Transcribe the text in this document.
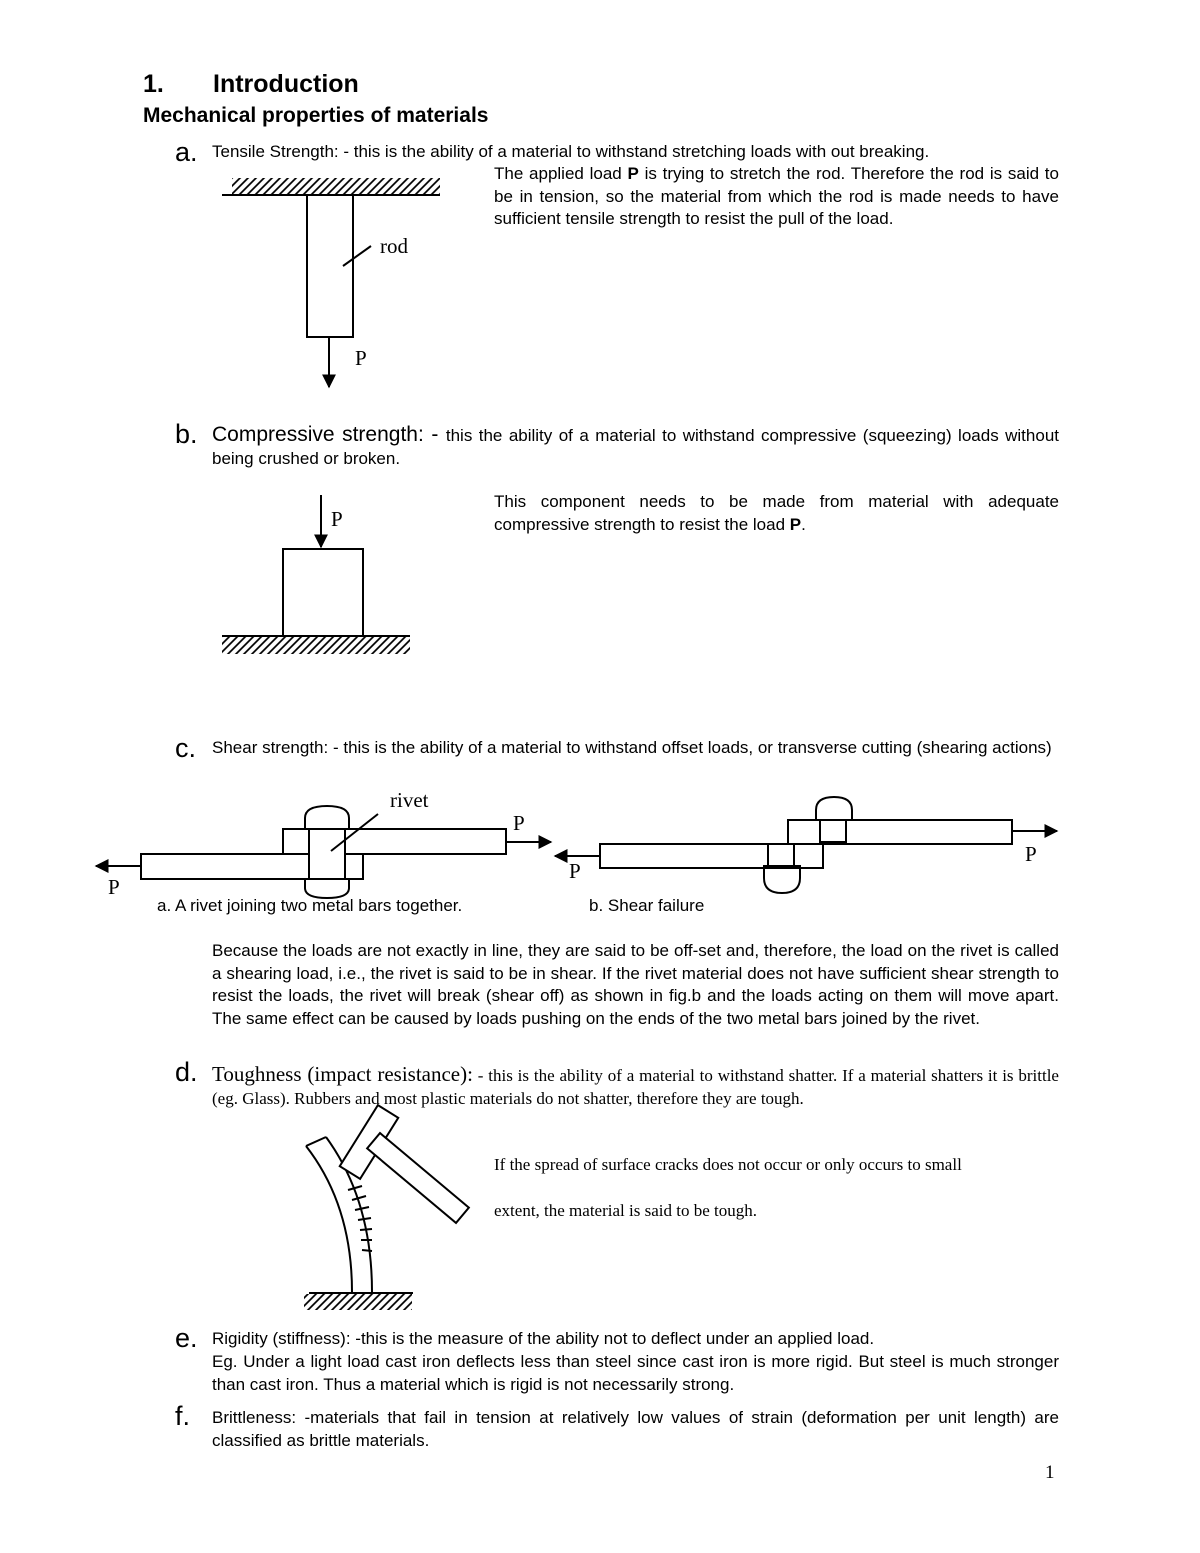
1. Introduction
Mechanical properties of materials
a. Tensile Strength: - this is the ability of a material to withstand stretching loads with out breaking.
The applied load P is trying to stretch the rod. Therefore the rod is said to be in tension, so the material from which the rod is made needs to have sufficient tensile strength to resist the pull of the load.
rod
P
b. Compressive strength: - this the ability of a material to withstand compressive (squeezing) loads without being crushed or broken.
This component needs to be made from material with adequate compressive strength to resist the load P.
P
c. Shear strength: - this is the ability of a material to withstand offset loads, or transverse cutting (shearing actions)
rivet
P
P
a. A rivet joining two metal bars together.
P
P
b. Shear failure
Because the loads are not exactly in line, they are said to be off-set and, therefore, the load on the rivet is called a shearing load, i.e., the rivet is said to be in shear. If the rivet material does not have sufficient shear strength to resist the loads, the rivet will break (shear off) as shown in fig.b and the loads acting on them will move apart. The same effect can be caused by loads pushing on the ends of the two metal bars joined by the rivet.
d. Toughness (impact resistance): - this is the ability of a material to withstand shatter. If a material shatters it is brittle (eg. Glass). Rubbers and most plastic materials do not shatter, therefore they are tough.
If the spread of surface cracks does not occur or only occurs to small
extent, the material is said to be tough.
e. Rigidity (stiffness): -this is the measure of the ability not to deflect under an applied load.
Eg. Under a light load cast iron deflects less than steel since cast iron is more rigid. But steel is much stronger than cast iron. Thus a material which is rigid is not necessarily strong.
f. Brittleness: -materials that fail in tension at relatively low values of strain (deformation per unit length) are classified as brittle materials.
1
